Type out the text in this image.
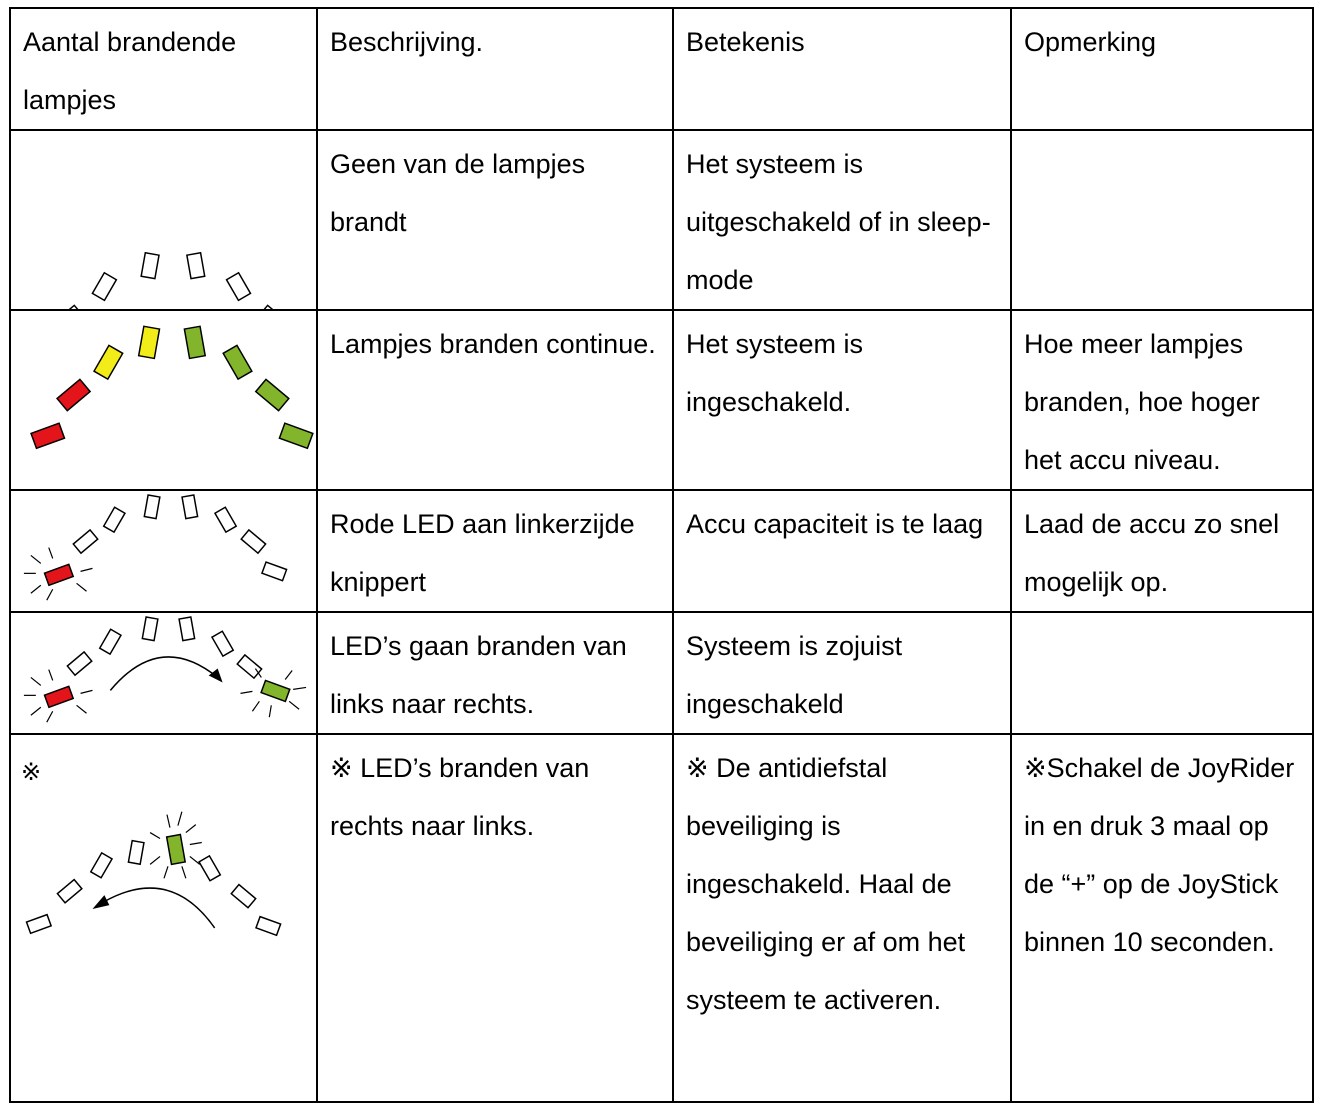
Aantal brandende lampjes	Beschrijving.	Betekenis	Opmerking

	Geen van de lampjes brandt	Het systeem is uitgeschakeld of in sleep-mode	

	Lampjes branden continue.	Het systeem is ingeschakeld.	Hoe meer lampjes branden, hoe hoger het accu niveau.

	Rode LED aan linkerzijde knippert	Accu capaciteit is te laag	Laad de accu zo snel mogelijk op.

	LED’s gaan branden van links naar rechts.	Systeem is zojuist ingeschakeld	

※	※ LED’s branden van rechts naar links.	※ De antidiefstal beveiliging is ingeschakeld. Haal de beveiliging er af om het systeem te activeren.	※Schakel de JoyRider in en druk 3 maal op de “+” op de JoyStick binnen 10 seconden.
